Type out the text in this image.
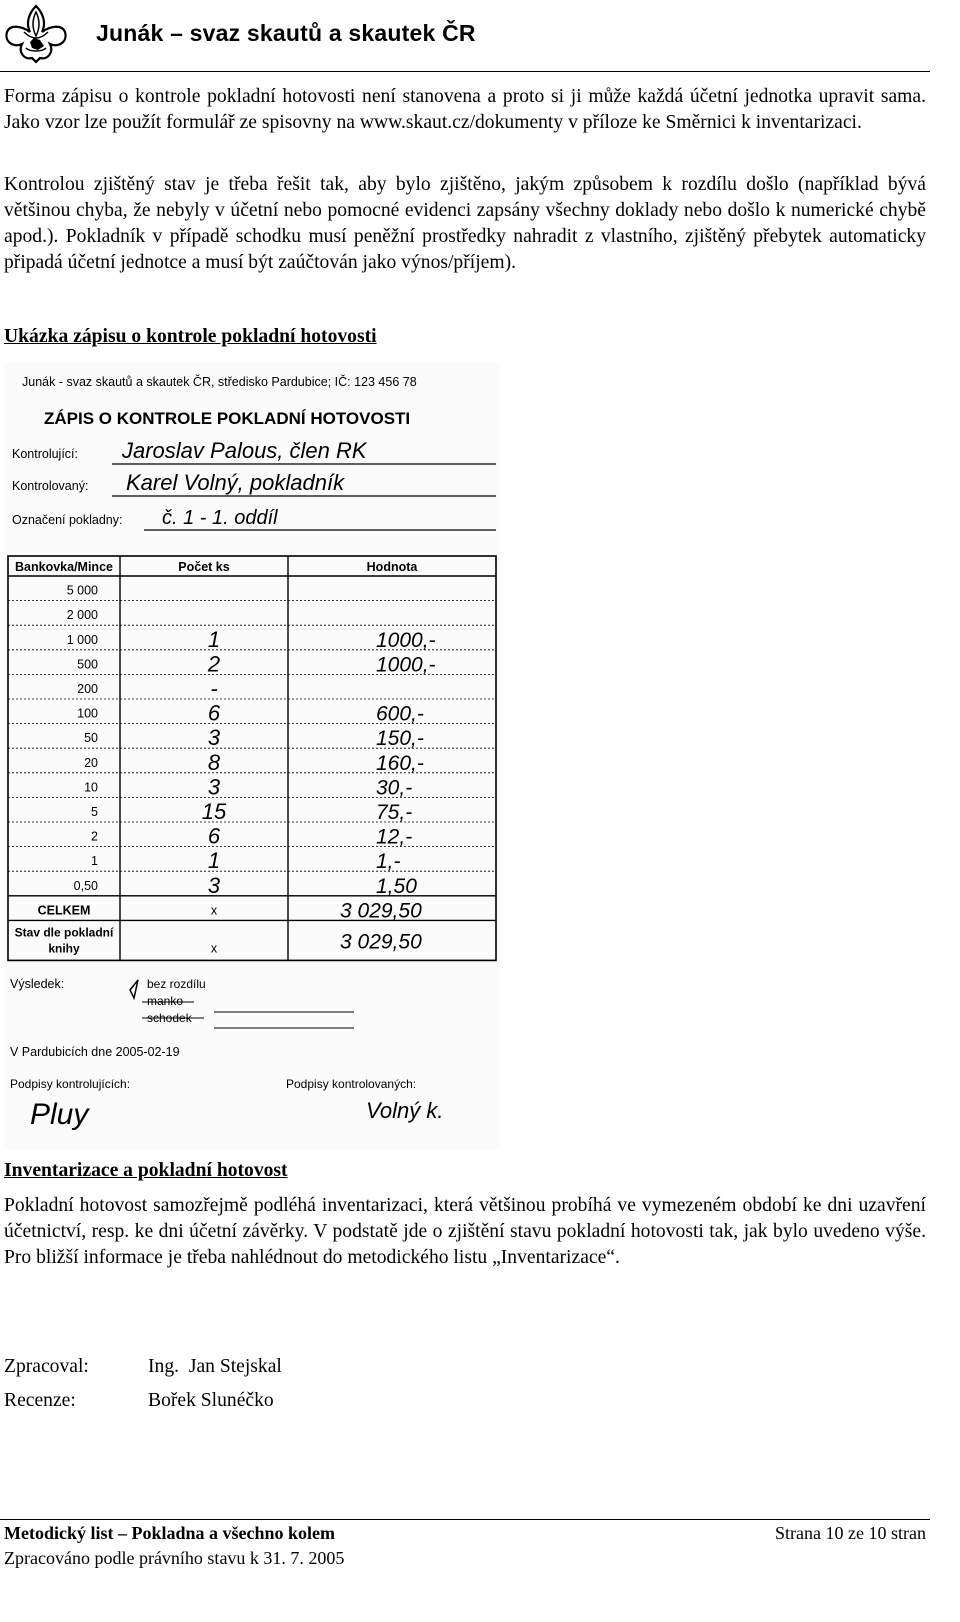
Junák – svaz skautů a skautek ČR
Forma zápisu o kontrole pokladní hotovosti není stanovena a proto si ji může každá účetní jednotka upravit sama. Jako vzor lze použít formulář ze spisovny na www.skaut.cz/dokumenty v příloze ke Směrnici k inventarizaci.
Kontrolou zjištěný stav je třeba řešit tak, aby bylo zjištěno, jakým způsobem k rozdílu došlo (například bývá většinou chyba, že nebyly v účetní nebo pomocné evidenci zapsány všechny doklady nebo došlo k numerické chybě apod.). Pokladník v případě schodku musí peněžní prostředky nahradit z vlastního, zjištěný přebytek automaticky připadá účetní jednotce a musí být zaúčtován jako výnos/příjem).
Ukázka zápisu o kontrole pokladní hotovosti
Junák - svaz skautů a skautek ČR, středisko Pardubice; IČ: 123 456 78
ZÁPIS O KONTROLE POKLADNÍ HOTOVOSTI
Kontrolující: Jaroslav Palous, člen RK
Kontrolovaný: Karel Volný, pokladník
Označení pokladny: č. 1 - 1. oddíl
Bankovka/Mince	Počet ks	Hodnota
5 000
2 000
1 000	1	1000,-
500	2	1000,-
200	-
100	6	600,-
50	3	150,-
20	8	160,-
10	3	30,-
5	15	75,-
2	6	12,-
1	1	1,-
0,50	3	1,50
CELKEM	x	3 029,50
Stav dle pokladní
knihy	x	3 029,50
Výsledek:	bez rozdílu
manko
schodek
V Pardubicích dne 2005-02-19
Podpisy kontrolujících:	Podpisy kontrolovaných:
Pluy	Volný k.
Inventarizace a pokladní hotovost
Pokladní hotovost samozřejmě podléhá inventarizaci, která většinou probíhá ve vymezeném období ke dni uzavření účetnictví, resp. ke dni účetní závěrky. V podstatě jde o zjištění stavu pokladní hotovosti tak, jak bylo uvedeno výše. Pro bližší informace je třeba nahlédnout do metodického listu „Inventarizace“.
Zpracoval:	Ing.  Jan Stejskal
Recenze:	Bořek Slunéčko
Metodický list – Pokladna a všechno kolem	Strana 10 ze 10 stran
Zpracováno podle právního stavu k 31. 7. 2005
